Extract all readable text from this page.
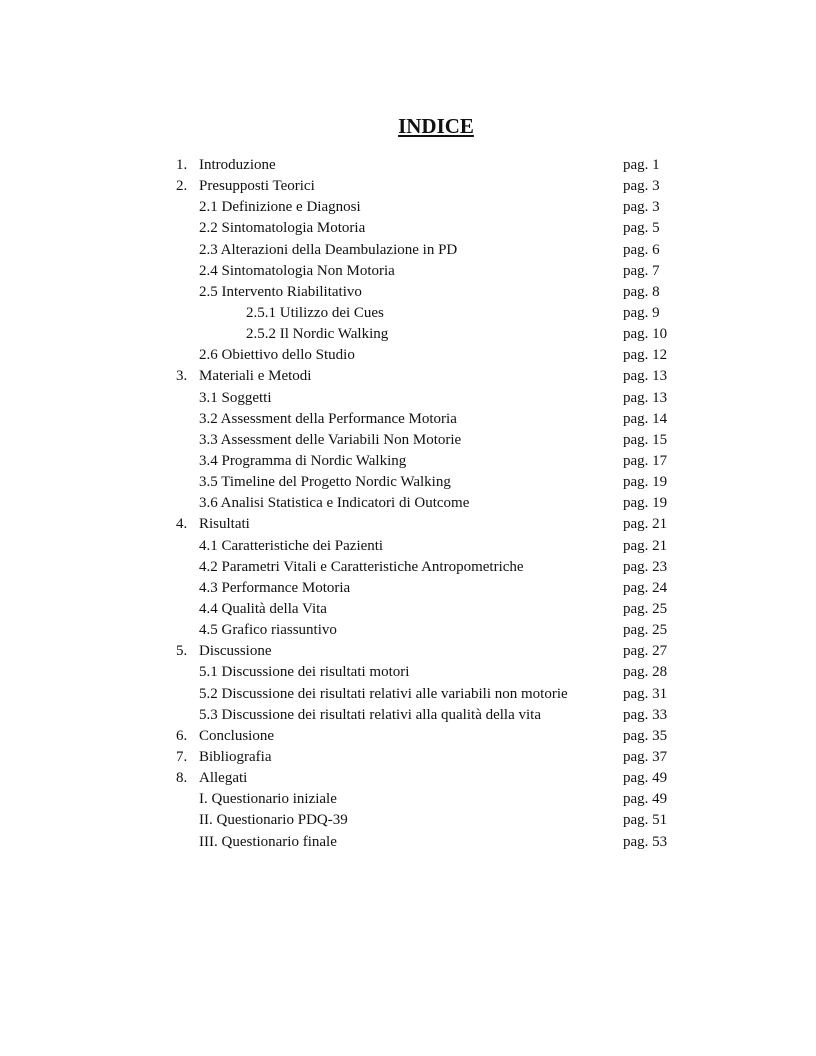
INDICE
1. Introduzione	pag. 1
2. Presupposti Teorici	pag. 3
2.1 Definizione e Diagnosi	pag. 3
2.2 Sintomatologia Motoria	pag. 5
2.3 Alterazioni della Deambulazione in PD	pag. 6
2.4 Sintomatologia Non Motoria	pag. 7
2.5 Intervento Riabilitativo	pag. 8
2.5.1 Utilizzo dei Cues	pag. 9
2.5.2 Il Nordic Walking	pag. 10
2.6 Obiettivo dello Studio	pag. 12
3. Materiali e Metodi	pag. 13
3.1 Soggetti	pag. 13
3.2 Assessment della Performance Motoria	pag. 14
3.3 Assessment delle Variabili Non Motorie	pag. 15
3.4 Programma di Nordic Walking	pag. 17
3.5 Timeline del Progetto Nordic Walking	pag. 19
3.6 Analisi Statistica e Indicatori di Outcome	pag. 19
4. Risultati	pag. 21
4.1 Caratteristiche dei Pazienti	pag. 21
4.2 Parametri Vitali e Caratteristiche Antropometriche	pag. 23
4.3 Performance Motoria	pag. 24
4.4 Qualità della Vita	pag. 25
4.5 Grafico riassuntivo	pag. 25
5. Discussione	pag. 27
5.1 Discussione dei risultati motori	pag. 28
5.2 Discussione dei risultati relativi alle variabili non motorie	pag. 31
5.3 Discussione dei risultati relativi alla qualità della vita	pag. 33
6. Conclusione	pag. 35
7. Bibliografia	pag. 37
8. Allegati	pag. 49
I. Questionario iniziale	pag. 49
II. Questionario PDQ-39	pag. 51
III. Questionario finale	pag. 53
